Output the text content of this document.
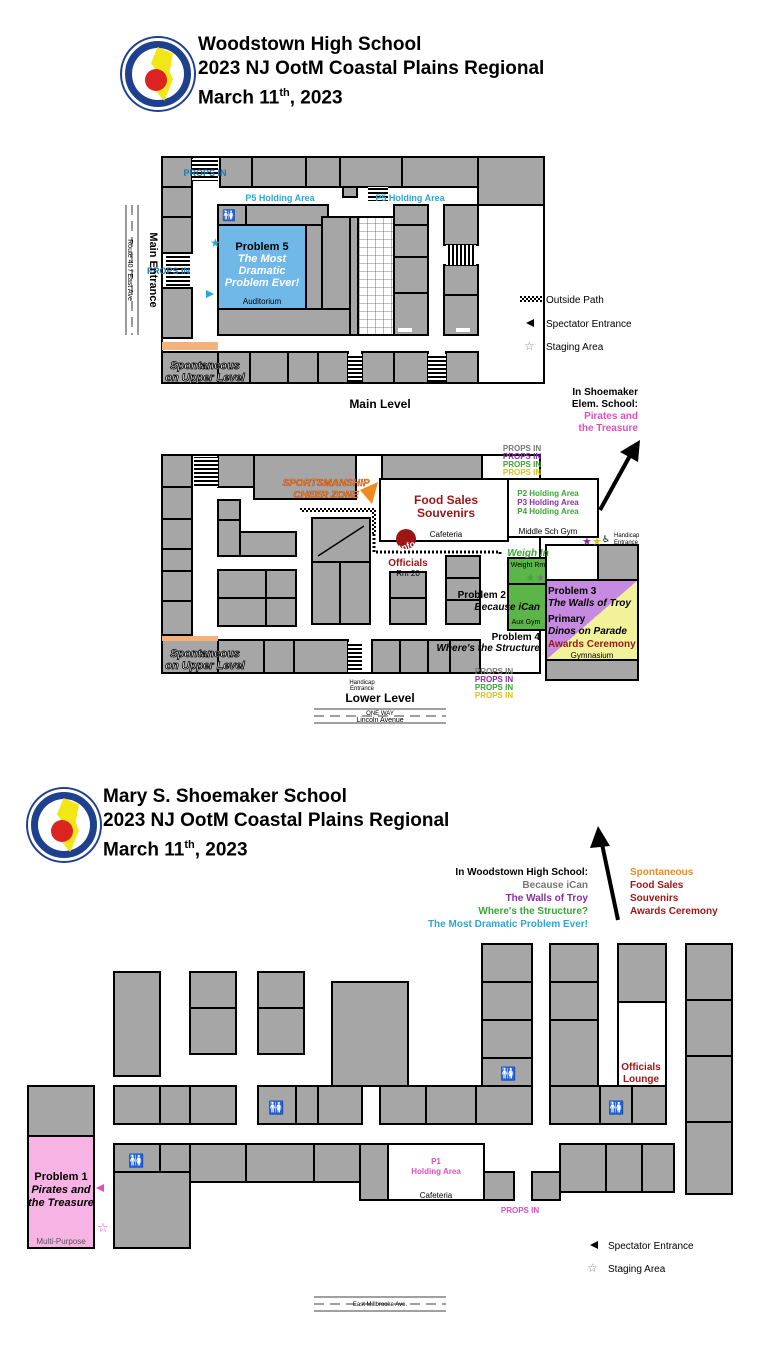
Woodstown High School
2023 NJ OotM Coastal Plains Regional
March 11th, 2023
🚻
PROPS IN
PROPS IN
P5 Holding Area	P5 Holding Area
Problem 5
The Most
Dramatic
Problem Ever!
Auditorium
★
Spontaneous
on Upper Level
Main Level
Main Entrance
Route 40 / East Ave	Outside Path
Spectator Entrance
☆ Staging Area
In Shoemaker
Elem. School:
Pirates and
the Treasure
SPORTSMANSHIP
CHEER ZONE	Food Sales
Souvenirs
Cafeteria
Info
Officials
Rm 20
P2 Holding Area
P3 Holding Area
P4 Holding Area
Middle Sch Gym	Handicap
Entrance
♿
★ ★
Weigh In
Weight Rm
★ ★
Problem 2
Because iCan
Aux Gym
Problem 4
Where's the Structure
Problem 3
The Walls of Troy
Primary
Dinos on Parade
Awards Ceremony
Gymnasium
Spontaneous
on Upper Level
Handicap
Entrance
Lower Level
ONE WAY
Lincoln Avenue
PROPS IN
PROPS IN
PROPS IN
PROPS IN
PROPS IN
PROPS IN
PROPS IN
PROPS IN
Mary S. Shoemaker School
2023 NJ OotM Coastal Plains Regional
March 11th, 2023
In Woodstown High School:
Because iCan
The Walls of Troy
Where's the Structure?
The Most Dramatic Problem Ever!
Spontaneous
Food Sales
Souvenirs
Awards Ceremony
🚻
🚻	🚻
🚻
Officials
Lounge
P1
Holding Area
Cafeteria
PROPS IN
Problem 1
Pirates and
the Treasure
Multi-Purpose
☆
Spectator Entrance
☆ Staging Area
East Millbrooke Ave.
